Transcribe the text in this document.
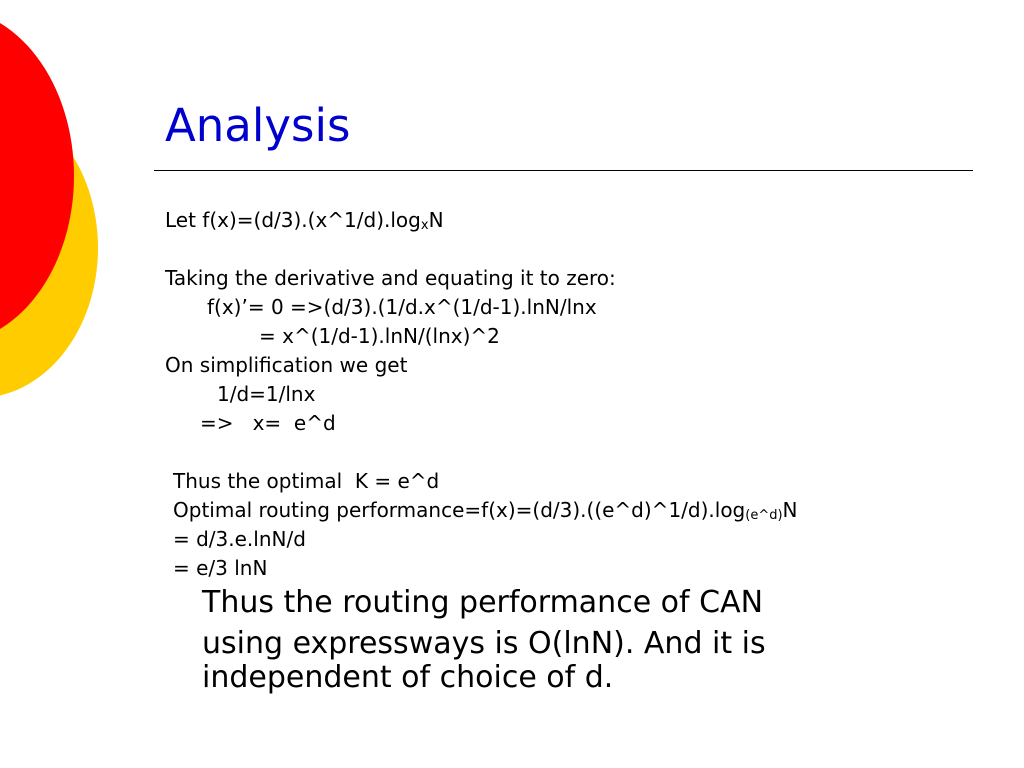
Analysis

Let $f(x)=(d/3).(x\^{}1/d).\log_xN$

Taking the derivative and equating it to zero:

f(x)’= 0 =>(d/3).(1/d.x^(1/d-1).lnN/lnx

= x^(1/d-1).lnN/(lnx)^2

On simplification we get

1/d=1/lnx

=>   x=  e^d

Thus the optimal  K = e^d

Optimal routing $performance=f(x)=(d/3).((e\^{}d)\^{}1/d).\log_{(e\^{}d)}N$

= d/3.e.lnN/d

= e/3 lnN

Thus the routing performance of CAN

using expressways is O(lnN). And it is

independent of choice of d.
